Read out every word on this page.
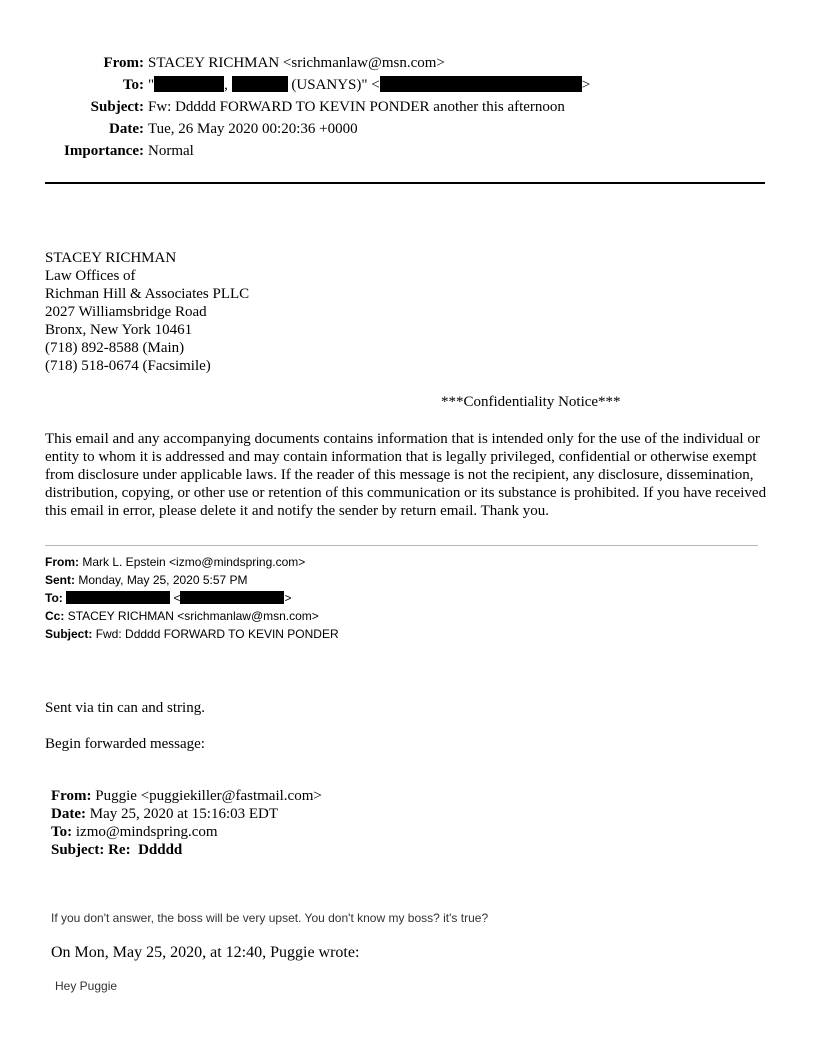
From: STACEY RICHMAN <srichmanlaw@msn.com>
To: "	,	(USANYS)" <	>
Subject: Fw: Ddddd FORWARD TO KEVIN PONDER another this afternoon
Date: Tue, 26 May 2020 00:20:36 +0000
Importance: Normal
STACEY RICHMAN
Law Offices of
Richman Hill & Associates PLLC
2027 Williamsbridge Road
Bronx, New York 10461
(718) 892-8588 (Main)
(718) 518-0674 (Facsimile)
***Confidentiality Notice***
This email and any accompanying documents contains information that is intended only for the use of the individual or entity to whom it is addressed and may contain information that is legally privileged, confidential or otherwise exempt from disclosure under applicable laws. If the reader of this message is not the recipient, any disclosure, dissemination, distribution, copying, or other use or retention of this communication or its substance is prohibited. If you have received this email in error, please delete it and notify the sender by return email. Thank you.
From: Mark L. Epstein <izmo@mindspring.com>
Sent: Monday, May 25, 2020 5:57 PM
To:	<	>
Cc: STACEY RICHMAN <srichmanlaw@msn.com>
Subject: Fwd: Ddddd FORWARD TO KEVIN PONDER
Sent via tin can and string.
Begin forwarded message:
From: Puggie <puggiekiller@fastmail.com>
Date: May 25, 2020 at 15:16:03 EDT
To: izmo@mindspring.com
Subject: Re:  Ddddd
If you don't answer, the boss will be very upset. You don't know my boss? it's true?
On Mon, May 25, 2020, at 12:40, Puggie wrote:
Hey Puggie
